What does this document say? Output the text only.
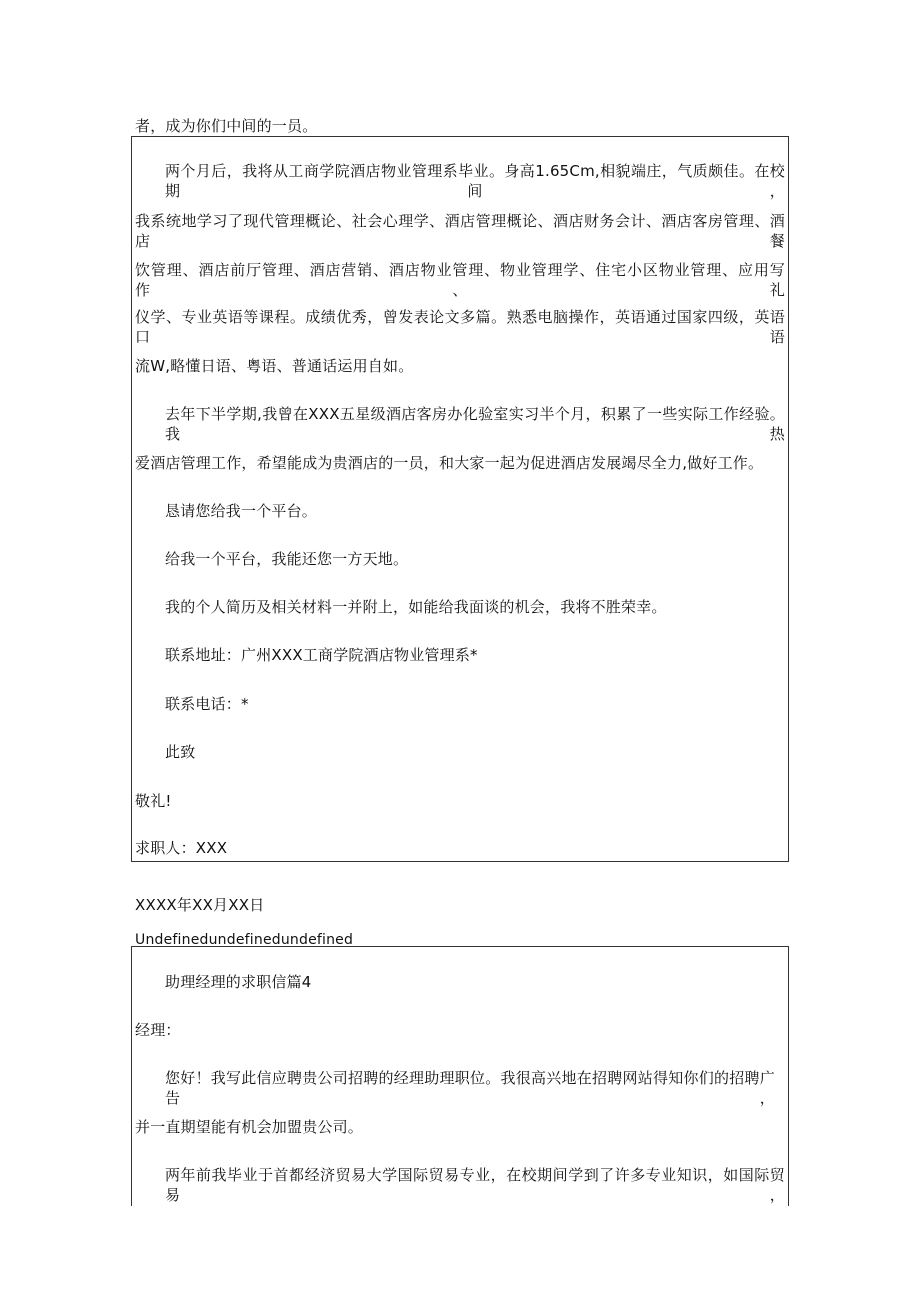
者，成为你们中间的一员。
两个月后，我将从工商学院酒店物业管理系毕业。身高1.65Cm,相貌端庄，气质颇佳。在校期间，
我系统地学习了现代管理概论、社会心理学、酒店管理概论、酒店财务会计、酒店客房管理、酒店餐
饮管理、酒店前厅管理、酒店营销、酒店物业管理、物业管理学、住宅小区物业管理、应用写作、礼
仪学、专业英语等课程。成绩优秀，曾发表论文多篇。熟悉电脑操作，英语通过国家四级，英语口语
流W,略懂日语、粤语、普通话运用自如。
去年下半学期,我曾在XXX五星级酒店客房办化验室实习半个月，积累了一些实际工作经验。我热
爱酒店管理工作，希望能成为贵酒店的一员，和大家一起为促进酒店发展竭尽全力,做好工作。
恳请您给我一个平台。
给我一个平台，我能还您一方天地。
我的个人简历及相关材料一并附上，如能给我面谈的机会，我将不胜荣幸。
联系地址：广州XXX工商学院酒店物业管理系*
联系电话：*
此致
敬礼!
求职人：XXX
XXXX年XX月XX日
Undefinedundefinedundefined
助理经理的求职信篇4
经理：
您好！我写此信应聘贵公司招聘的经理助理职位。我很高兴地在招聘网站得知你们的招聘广告，
并一直期望能有机会加盟贵公司。
两年前我毕业于首都经济贸易大学国际贸易专业，在校期间学到了许多专业知识，如国际贸易，
